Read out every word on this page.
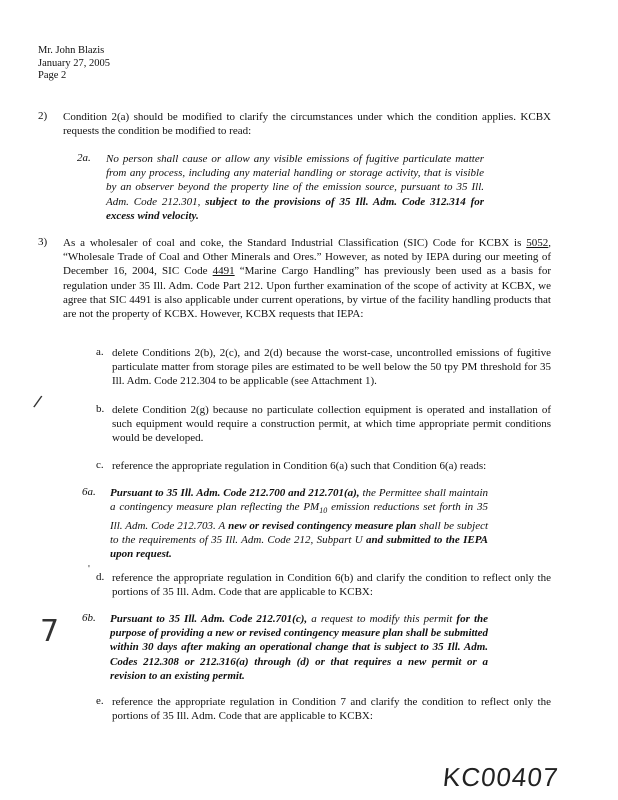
Mr. John Blazis
January 27, 2005
Page 2
2) Condition 2(a) should be modified to clarify the circumstances under which the condition applies. KCBX requests the condition be modified to read:
2a. No person shall cause or allow any visible emissions of fugitive particulate matter from any process, including any material handling or storage activity, that is visible by an observer beyond the property line of the emission source, pursuant to 35 Ill. Adm. Code 212.301, subject to the provisions of 35 Ill. Adm. Code 312.314 for excess wind velocity.
3) As a wholesaler of coal and coke, the Standard Industrial Classification (SIC) Code for KCBX is 5052, “Wholesale Trade of Coal and Other Minerals and Ores.” However, as noted by IEPA during our meeting of December 16, 2004, SIC Code 4491 “Marine Cargo Handling” has previously been used as a basis for regulation under 35 Ill. Adm. Code Part 212. Upon further examination of the scope of activity at KCBX, we agree that SIC 4491 is also applicable under current operations, by virtue of the facility handling products that are not the property of KCBX. However, KCBX requests that IEPA:
a. delete Conditions 2(b), 2(c), and 2(d) because the worst-case, uncontrolled emissions of fugitive particulate matter from storage piles are estimated to be well below the 50 tpy PM threshold for 35 Ill. Adm. Code 212.304 to be applicable (see Attachment 1).
/	b. delete Condition 2(g) because no particulate collection equipment is operated and installation of such equipment would require a construction permit, at which time appropriate permit conditions would be developed.
c. reference the appropriate regulation in Condition 6(a) such that Condition 6(a) reads:
6a. Pursuant to 35 Ill. Adm. Code 212.700 and 212.701(a), the Permittee shall maintain a contingency measure plan reflecting the $PM_{10}$ emission reductions set forth in 35 Ill. Adm. Code 212.703. A new or revised contingency measure plan shall be subject to the requirements of 35 Ill. Adm. Code 212, Subpart U and submitted to the IEPA upon request.
'
d. reference the appropriate regulation in Condition 6(b) and clarify the condition to reflect only the portions of 35 Ill. Adm. Code that are applicable to KCBX:
7 6b. Pursuant to 35 Ill. Adm. Code 212.701(c), a request to modify this permit for the purpose of providing a new or revised contingency measure plan shall be submitted within 30 days after making an operational change that is subject to 35 Ill. Adm. Codes 212.308 or 212.316(a) through (d) or that requires a new permit or a revision to an existing permit.
e. reference the appropriate regulation in Condition 7 and clarify the condition to reflect only the portions of 35 Ill. Adm. Code that are applicable to KCBX:
KC00407
